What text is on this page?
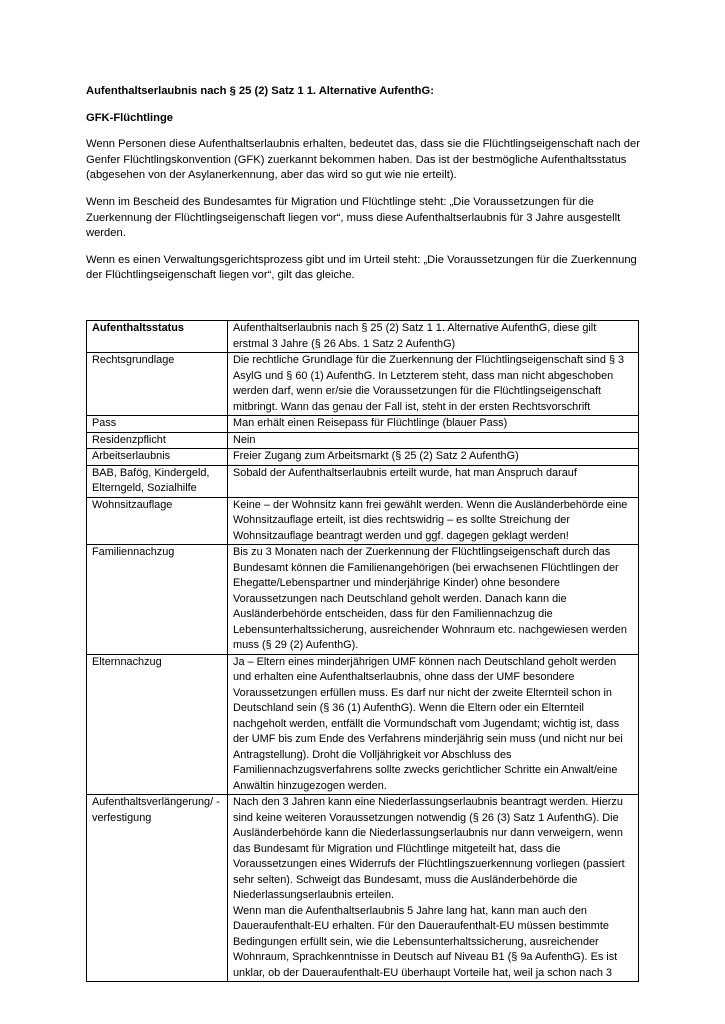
Aufenthaltserlaubnis nach § 25 (2) Satz 1 1. Alternative AufenthG:
GFK-Flüchtlinge

Wenn Personen diese Aufenthaltserlaubnis erhalten, bedeutet das, dass sie die Flüchtlingseigenschaft nach der Genfer Flüchtlingskonvention (GFK) zuerkannt bekommen haben. Das ist der bestmögliche Aufenthaltsstatus (abgesehen von der Asylanerkennung, aber das wird so gut wie nie erteilt).

Wenn im Bescheid des Bundesamtes für Migration und Flüchtlinge steht: „Die Voraussetzungen für die Zuerkennung der Flüchtlingseigenschaft liegen vor“, muss diese Aufenthaltserlaubnis für 3 Jahre ausgestellt werden.

Wenn es einen Verwaltungsgerichtsprozess gibt und im Urteil steht: „Die Voraussetzungen für die Zuerkennung der Flüchtlingseigenschaft liegen vor“, gilt das gleiche.

Aufenthaltsstatus	Aufenthaltserlaubnis nach § 25 (2) Satz 1 1. Alternative AufenthG, diese gilt erstmal 3 Jahre (§ 26 Abs. 1 Satz 2 AufenthG)
Rechtsgrundlage	Die rechtliche Grundlage für die Zuerkennung der Flüchtlingseigenschaft sind § 3 AsylG und § 60 (1) AufenthG. In Letzterem steht, dass man nicht abgeschoben werden darf, wenn er/sie die Voraussetzungen für die Flüchtlingseigenschaft mitbringt. Wann das genau der Fall ist, steht in der ersten Rechtsvorschrift
Pass	Man erhält einen Reisepass für Flüchtlinge (blauer Pass)
Residenzpflicht	Nein
Arbeitserlaubnis	Freier Zugang zum Arbeitsmarkt (§ 25 (2) Satz 2 AufenthG)
BAB, Bafög, Kindergeld, Elterngeld, Sozialhilfe	Sobald der Aufenthaltserlaubnis erteilt wurde, hat man Anspruch darauf
Wohnsitzauflage	Keine – der Wohnsitz kann frei gewählt werden. Wenn die Ausländerbehörde eine Wohnsitzauflage erteilt, ist dies rechtswidrig – es sollte Streichung der Wohnsitzauflage beantragt werden und ggf. dagegen geklagt werden!
Familiennachzug	Bis zu 3 Monaten nach der Zuerkennung der Flüchtlingseigenschaft durch das Bundesamt können die Familienangehörigen (bei erwachsenen Flüchtlingen der Ehegatte/Lebenspartner und minderjährige Kinder) ohne besondere Voraussetzungen nach Deutschland geholt werden. Danach kann die Ausländerbehörde entscheiden, dass für den Familiennachzug die Lebensunterhaltssicherung, ausreichender Wohnraum etc. nachgewiesen werden muss (§ 29 (2) AufenthG).
Elternnachzug	Ja – Eltern eines minderjährigen UMF können nach Deutschland geholt werden und erhalten eine Aufenthaltserlaubnis, ohne dass der UMF besondere Voraussetzungen erfüllen muss. Es darf nur nicht der zweite Elternteil schon in Deutschland sein (§ 36 (1) AufenthG). Wenn die Eltern oder ein Elternteil nachgeholt werden, entfällt die Vormundschaft vom Jugendamt; wichtig ist, dass der UMF bis zum Ende des Verfahrens minderjährig sein muss (und nicht nur bei Antragstellung). Droht die Volljährigkeit vor Abschluss des Familiennachzugsverfahrens sollte zwecks gerichtlicher Schritte ein Anwalt/eine Anwältin hinzugezogen werden.
Aufenthaltsverlängerung/ -verfestigung	Nach den 3 Jahren kann eine Niederlassungserlaubnis beantragt werden. Hierzu sind keine weiteren Voraussetzungen notwendig (§ 26 (3) Satz 1 AufenthG). Die Ausländerbehörde kann die Niederlassungserlaubnis nur dann verweigern, wenn das Bundesamt für Migration und Flüchtlinge mitgeteilt hat, dass die Voraussetzungen eines Widerrufs der Flüchtlingszuerkennung vorliegen (passiert sehr selten). Schweigt das Bundesamt, muss die Ausländerbehörde die Niederlassungserlaubnis erteilen.
Wenn man die Aufenthaltserlaubnis 5 Jahre lang hat, kann man auch den Daueraufenthalt-EU erhalten. Für den Daueraufenthalt-EU müssen bestimmte Bedingungen erfüllt sein, wie die Lebensunterhaltssicherung, ausreichender Wohnraum, Sprachkenntnisse in Deutsch auf Niveau B1 (§ 9a AufenthG). Es ist unklar, ob der Daueraufenthalt-EU überhaupt Vorteile hat, weil ja schon nach 3
